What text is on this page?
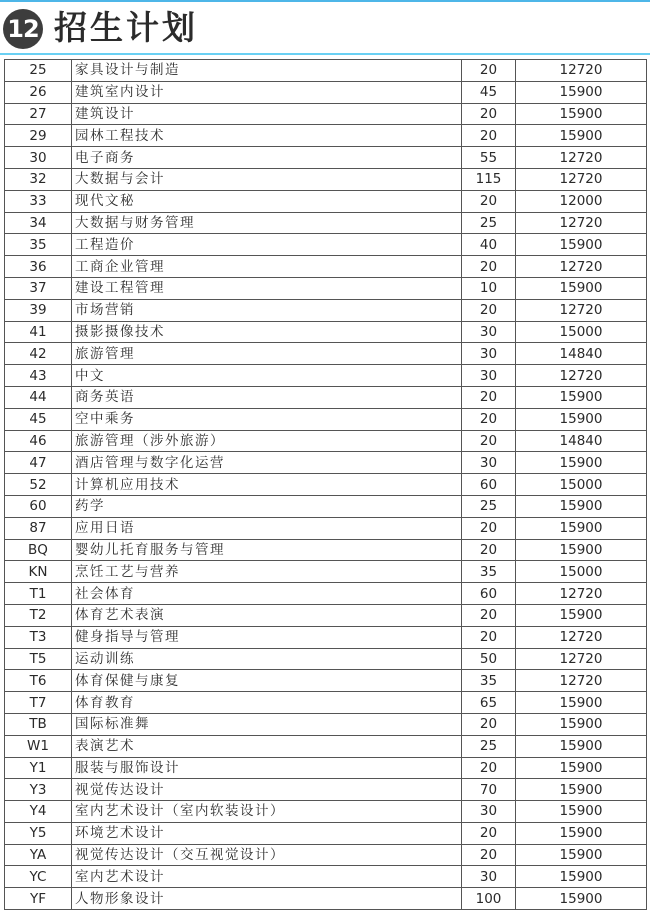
12 招生计划
25	家具设计与制造	20	12720
26	建筑室内设计	45	15900
27	建筑设计	20	15900
29	园林工程技术	20	15900
30	电子商务	55	12720
32	大数据与会计	115	12720
33	现代文秘	20	12000
34	大数据与财务管理	25	12720
35	工程造价	40	15900
36	工商企业管理	20	12720
37	建设工程管理	10	15900
39	市场营销	20	12720
41	摄影摄像技术	30	15000
42	旅游管理	30	14840
43	中文	30	12720
44	商务英语	20	15900
45	空中乘务	20	15900
46	旅游管理（涉外旅游）	20	14840
47	酒店管理与数字化运营	30	15900
52	计算机应用技术	60	15000
60	药学	25	15900
87	应用日语	20	15900
BQ	婴幼儿托育服务与管理	20	15900
KN	烹饪工艺与营养	35	15000
T1	社会体育	60	12720
T2	体育艺术表演	20	15900
T3	健身指导与管理	20	12720
T5	运动训练	50	12720
T6	体育保健与康复	35	12720
T7	体育教育	65	15900
TB	国际标准舞	20	15900
W1	表演艺术	25	15900
Y1	服装与服饰设计	20	15900
Y3	视觉传达设计	70	15900
Y4	室内艺术设计（室内软装设计）	30	15900
Y5	环境艺术设计	20	15900
YA	视觉传达设计（交互视觉设计）	20	15900
YC	室内艺术设计	30	15900
YF	人物形象设计	100	15900
